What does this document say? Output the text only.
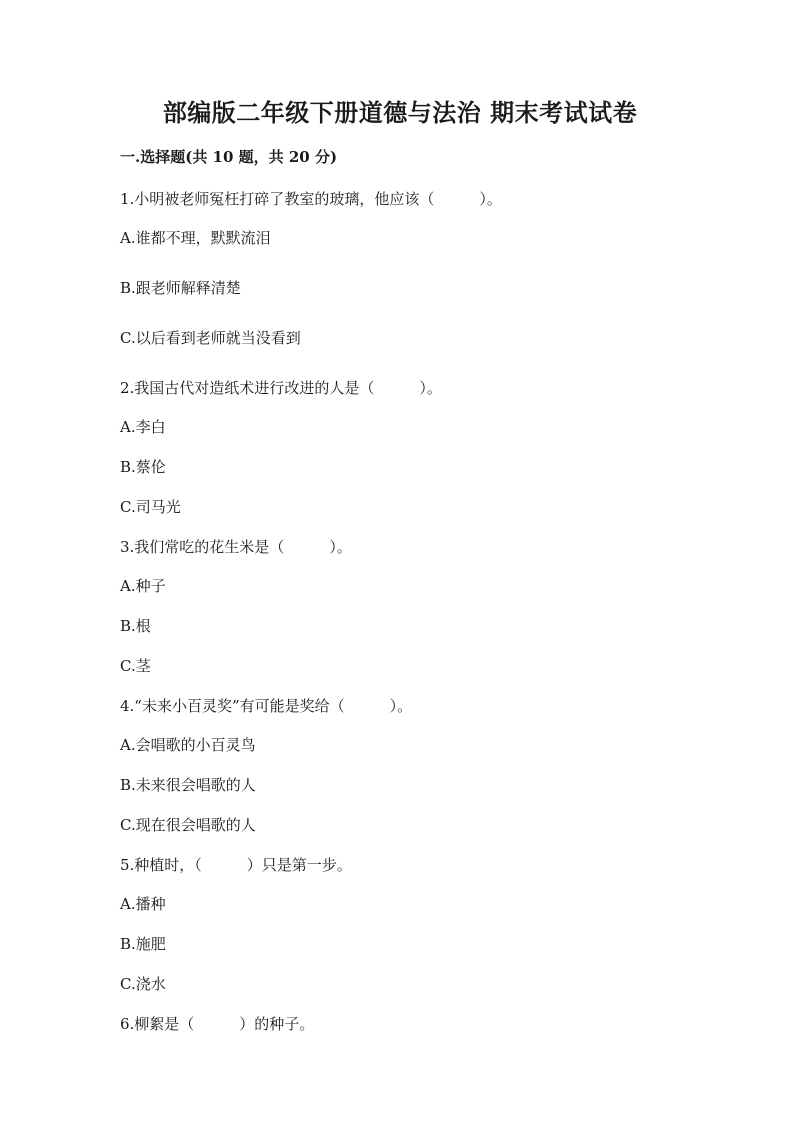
部编版二年级下册道德与法治 期末考试试卷
一.选择题(共 10 题，共 20 分)

1.小明被老师冤枉打碎了教室的玻璃，他应该（　　　）。

A.谁都不理，默默流泪

B.跟老师解释清楚

C.以后看到老师就当没看到

2.我国古代对造纸术进行改进的人是（　　　）。

A.李白

B.蔡伦

C.司马光

3.我们常吃的花生米是（　　　）。

A.种子

B.根

C.茎

4.“未来小百灵奖”有可能是奖给（　　　）。

A.会唱歌的小百灵鸟

B.未来很会唱歌的人

C.现在很会唱歌的人

5.种植时，（　　　）只是第一步。

A.播种

B.施肥

C.浇水

6.柳絮是（　　　）的种子。
